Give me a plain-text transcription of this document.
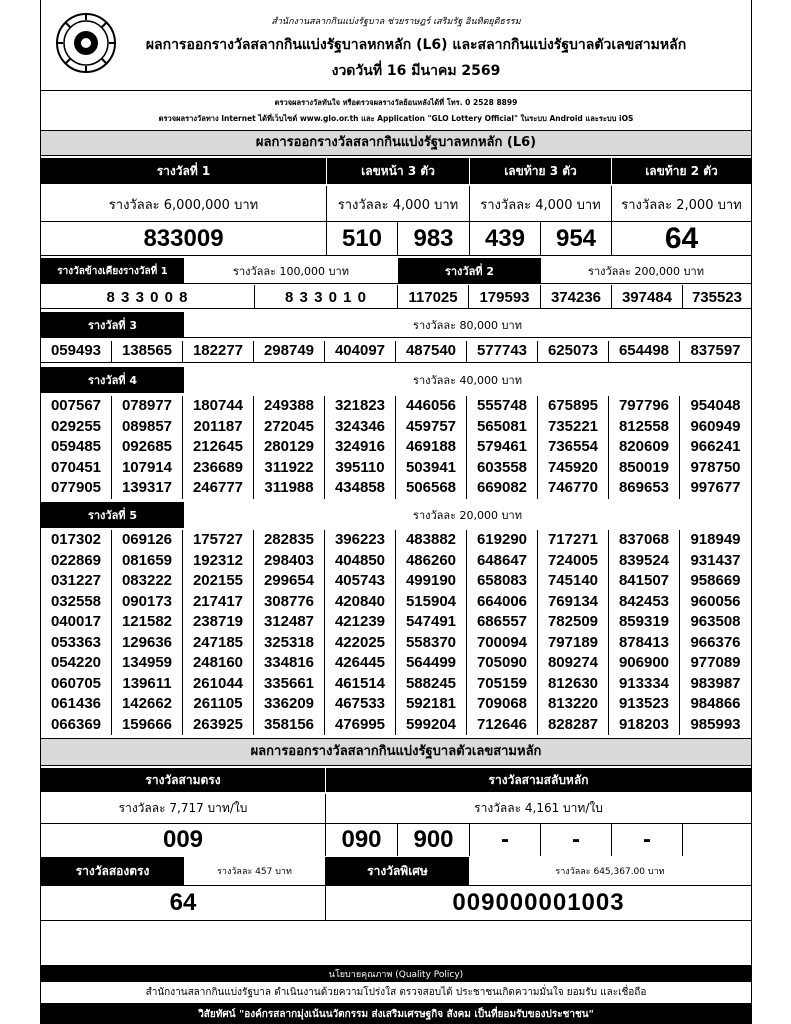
สำนักงานสลากกินแบ่งรัฐบาล ช่วยราษฎร์ เสริมรัฐ อินทิตยุติธรรม
ผลการออกรางวัลสลากกินแบ่งรัฐบาลหกหลัก (L6) และสลากกินแบ่งรัฐบาลตัวเลขสามหลัก
งวดวันที่ 16 มีนาคม 2569
ตรวจผลรางวัลทันใจ หรือตรวจผลรางวัลย้อนหลังได้ที่ โทร. 0 2528 8899
ตรวจผลรางวัลทาง Internet ได้ที่เว็บไซต์ www.glo.or.th และ Application "GLO Lottery Official" ในระบบ Android และระบบ iOS
ผลการออกรางวัลสลากกินแบ่งรัฐบาลหกหลัก (L6)
รางวัลที่ 1	เลขหน้า 3 ตัว	เลขท้าย 3 ตัว	เลขท้าย 2 ตัว
รางวัลละ 6,000,000 บาท	รางวัลละ 4,000 บาท	รางวัลละ 4,000 บาท	รางวัลละ 2,000 บาท
833009	510	983	439	954	64
รางวัลข้างเคียงรางวัลที่ 1	รางวัลละ 100,000 บาท	รางวัลที่ 2	รางวัลละ 200,000 บาท
8 3 3 0 0 8	8 3 3 0 1 0	117025	179593	374236	397484	735523
รางวัลที่ 3	รางวัลละ 80,000 บาท
059493	138565	182277	298749	404097	487540	577743	625073	654498	837597
รางวัลที่ 4	รางวัลละ 40,000 บาท
007567	078977	180744	249388	321823	446056	555748	675895	797796	954048
029255	089857	201187	272045	324346	459757	565081	735221	812558	960949
059485	092685	212645	280129	324916	469188	579461	736554	820609	966241
070451	107914	236689	311922	395110	503941	603558	745920	850019	978750
077905	139317	246777	311988	434858	506568	669082	746770	869653	997677
รางวัลที่ 5	รางวัลละ 20,000 บาท
017302	069126	175727	282835	396223	483882	619290	717271	837068	918949
022869	081659	192312	298403	404850	486260	648647	724005	839524	931437
031227	083222	202155	299654	405743	499190	658083	745140	841507	958669
032558	090173	217417	308776	420840	515904	664006	769134	842453	960056
040017	121582	238719	312487	421239	547491	686557	782509	859319	963508
053363	129636	247185	325318	422025	558370	700094	797189	878413	966376
054220	134959	248160	334816	426445	564499	705090	809274	906900	977089
060705	139611	261044	335661	461514	588245	705159	812630	913334	983987
061436	142662	261105	336209	467533	592181	709068	813220	913523	984866
066369	159666	263925	358156	476995	599204	712646	828287	918203	985993
ผลการออกรางวัลสลากกินแบ่งรัฐบาลตัวเลขสามหลัก
รางวัลสามตรง	รางวัลสามสลับหลัก
รางวัลละ 7,717 บาท/ใบ	รางวัลละ 4,161 บาท/ใบ
009	090	900	-	-	-
รางวัลสองตรง	รางวัลละ 457 บาท	รางวัลพิเศษ	รางวัลละ 645,367.00 บาท
64	009000001003
นโยบายคุณภาพ (Quality Policy)
สำนักงานสลากกินแบ่งรัฐบาล ดำเนินงานด้วยความโปร่งใส ตรวจสอบได้ ประชาชนเกิดความมั่นใจ ยอมรับ และเชื่อถือ
วิสัยทัศน์ "องค์กรสลากมุ่งเน้นนวัตกรรม ส่งเสริมเศรษฐกิจ สังคม เป็นที่ยอมรับของประชาชน"
